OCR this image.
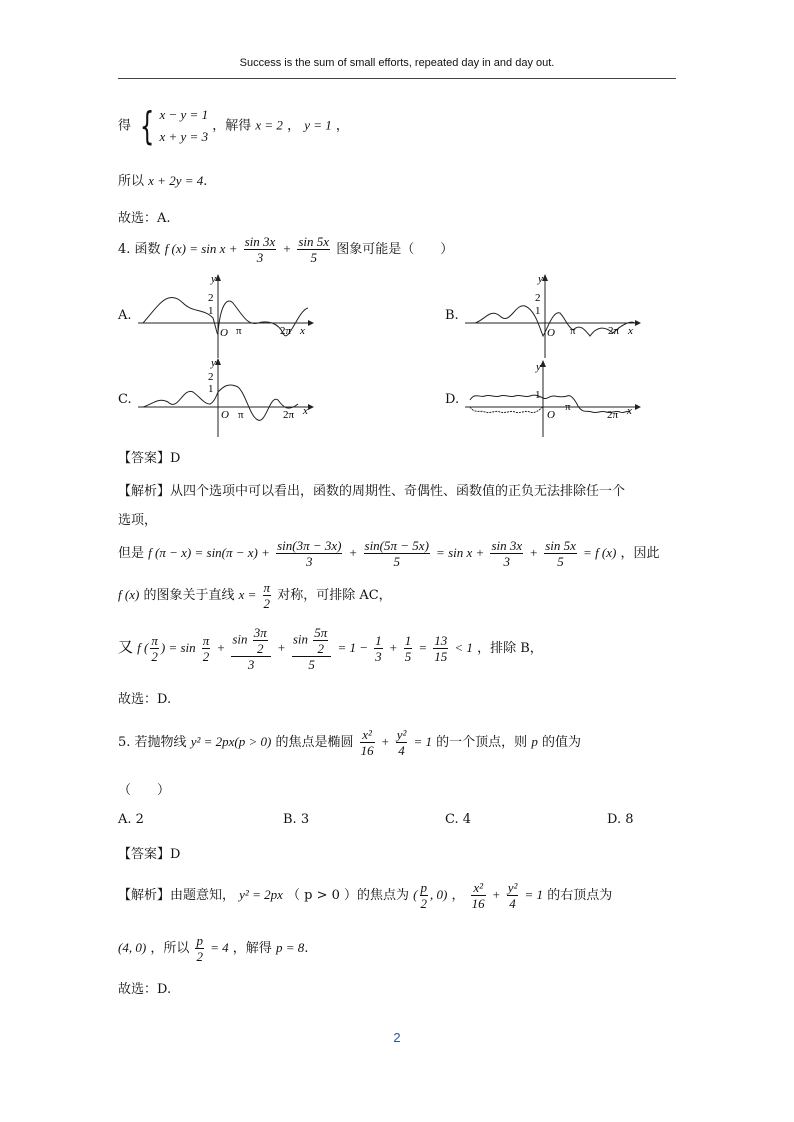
Success is the sum of small efforts, repeated day in and day out.
得 { x − y = 1
x + y = 3
，解得 x = 2 ， y = 1 ，
所以 x + 2y = 4.
故选：A.
4. 函数 f $(x) = \sin x + \frac{\sin 3x}{3} + \frac{\sin 5x}{5}$ 图象可能是（　　）
A.
y
2
1
O π	2π x
B.
y
2
1
O π	2π x
C.
y
2
1
O π	2π x
D.
y
1
O
π
2π x
【答案】D
【解析】从四个选项中可以看出，函数的周期性、奇偶性、函数值的正负无法排除任一个
选项，
但是 f $(\pi - x) = \sin(\pi - x) + \frac{\sin(3\pi - 3x)}{3} + \frac{\sin(5\pi - 5x)}{5} = \sin x + \frac{\sin 3x}{3} + \frac{\sin 5x}{5} = f$ (x) ，因此
f (x) 的图象关于直线 $x = \frac{\pi}{2}$ 对称，可排除 AC，
又 f ( $\frac{\pi}{2}$ ) = $\sin \frac{\pi}{2} + \frac{\sin \frac{3\pi}{2}}{3} + \frac{\sin \frac{5\pi}{2}}{5} = 1 - \frac{1}{3} + \frac{1}{5} = \frac{13}{15} < 1$ ，排除 B，
故选：D.
5. 若抛物线 y² = 2px(p > 0) 的焦点是椭圆 $\frac{\text{x²}}{16} + \frac{\text{y²}}{4} = 1$ 的一个顶点，则 p 的值为
（　　）
A. 2	B. 3	C. 4	D. 8
【答案】D
【解析】由题意知， y² = 2px （ p > 0 ）的焦点为 ( $\frac{p}{2}$ , 0) ， $\frac{\text{x²}}{16} + \frac{\text{y²}}{4} = 1$ 的右顶点为
(4, 0) ，所以 $\frac{p}{2} = 4$ ，解得 p = 8.
故选：D.
2
